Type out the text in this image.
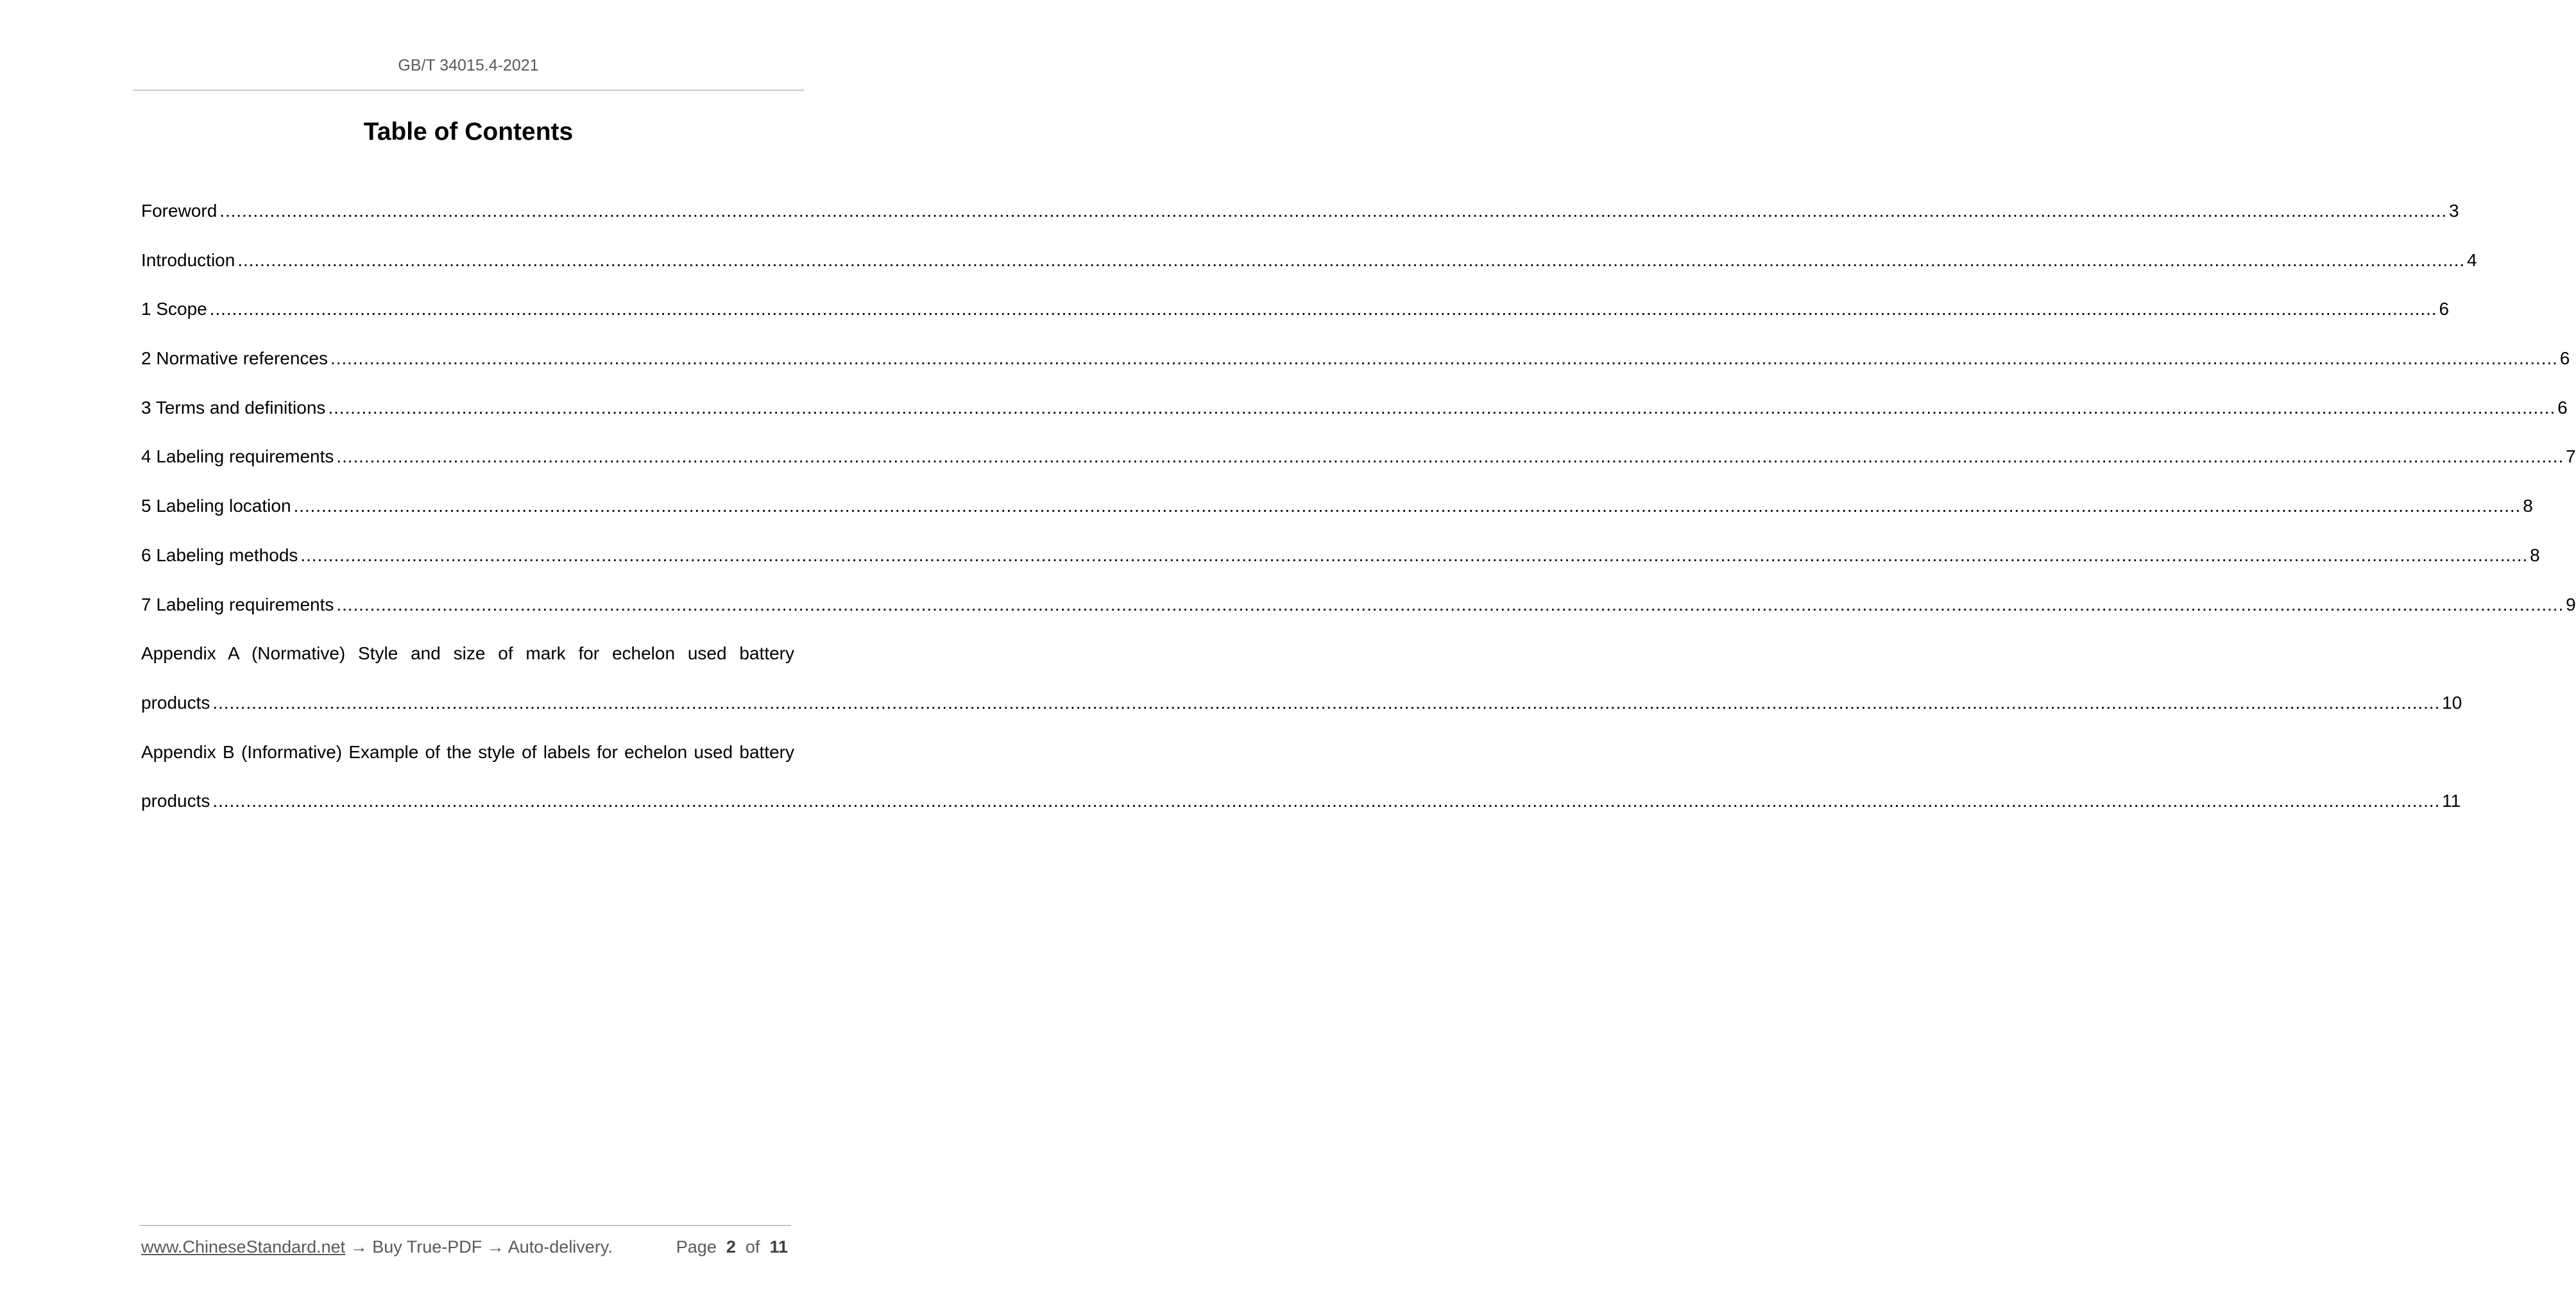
GB/T 34015.4-2021
Table of Contents
Foreword ................................................................................................................................................................................................................................................................................................................................................................................................................ 3
Introduction ................................................................................................................................................................................................................................................................................................................................................................................................................ 4
1 Scope ................................................................................................................................................................................................................................................................................................................................................................................................................ 6
2 Normative references ................................................................................................................................................................................................................................................................................................................................................................................................................ 6
3 Terms and definitions ................................................................................................................................................................................................................................................................................................................................................................................................................ 6
4 Labeling requirements ................................................................................................................................................................................................................................................................................................................................................................................................................ 7
5 Labeling location ................................................................................................................................................................................................................................................................................................................................................................................................................ 8
6 Labeling methods ................................................................................................................................................................................................................................................................................................................................................................................................................ 8
7 Labeling requirements ................................................................................................................................................................................................................................................................................................................................................................................................................ 9
Appendix A (Normative) Style and size of mark for echelon used battery
products ................................................................................................................................................................................................................................................................................................................................................................................................................ 10
Appendix B (Informative) Example of the style of labels for echelon used battery
products ................................................................................................................................................................................................................................................................................................................................................................................................................ 11
www.ChineseStandard.net → Buy True-PDF → Auto-delivery.	Page 2 of 11
